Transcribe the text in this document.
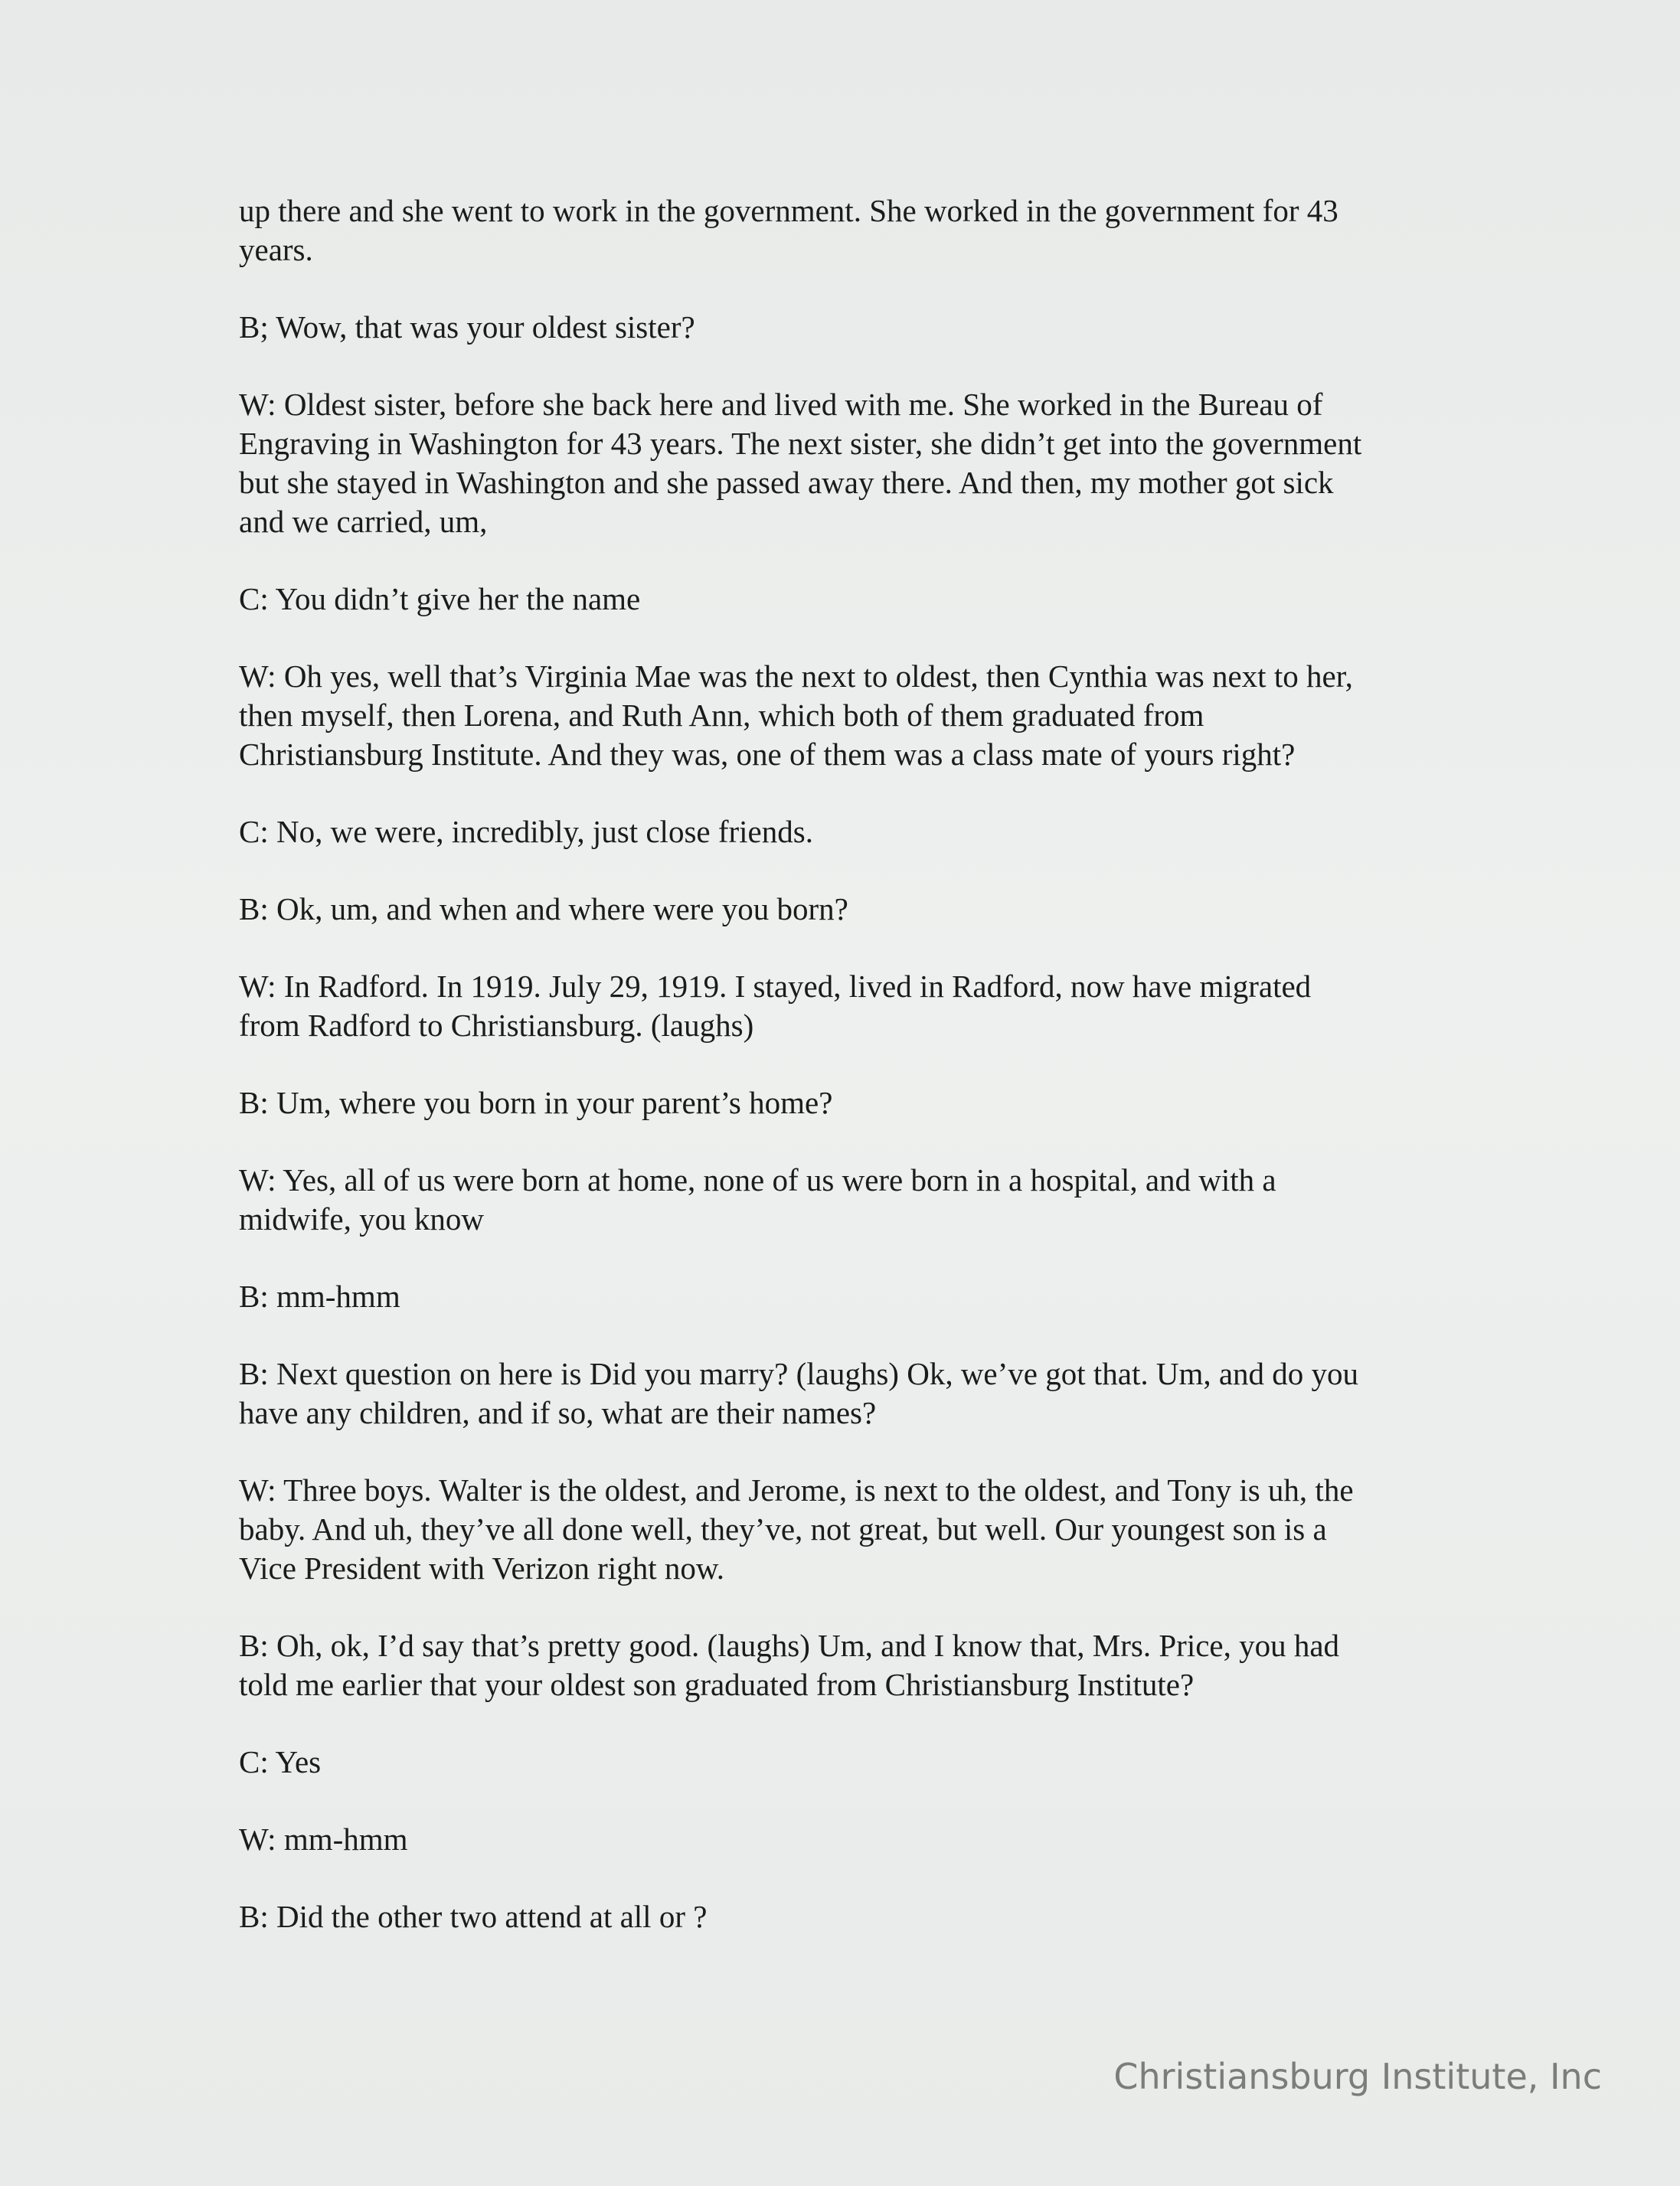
up there and she went to work in the government. She worked in the government for 43
years.

B; Wow, that was your oldest sister?

W: Oldest sister, before she back here and lived with me. She worked in the Bureau of
Engraving in Washington for 43 years. The next sister, she didn’t get into the government
but she stayed in Washington and she passed away there. And then, my mother got sick
and we carried, um,

C: You didn’t give her the name

W: Oh yes, well that’s Virginia Mae was the next to oldest, then Cynthia was next to her,
then myself, then Lorena, and Ruth Ann, which both of them graduated from
Christiansburg Institute. And they was, one of them was a class mate of yours right?

C: No, we were, incredibly, just close friends.

B: Ok, um, and when and where were you born?

W: In Radford. In 1919. July 29, 1919. I stayed, lived in Radford, now have migrated
from Radford to Christiansburg. (laughs)

B: Um, where you born in your parent’s home?

W: Yes, all of us were born at home, none of us were born in a hospital, and with a
midwife, you know

B: mm-hmm

B: Next question on here is Did you marry? (laughs) Ok, we’ve got that. Um, and do you
have any children, and if so, what are their names?

W: Three boys. Walter is the oldest, and Jerome, is next to the oldest, and Tony is uh, the
baby. And uh, they’ve all done well, they’ve, not great, but well. Our youngest son is a
Vice President with Verizon right now.

B: Oh, ok, I’d say that’s pretty good. (laughs) Um, and I know that, Mrs. Price, you had
told me earlier that your oldest son graduated from Christiansburg Institute?

C: Yes

W: mm-hmm

B: Did the other two attend at all or ?

Christiansburg Institute, Inc
